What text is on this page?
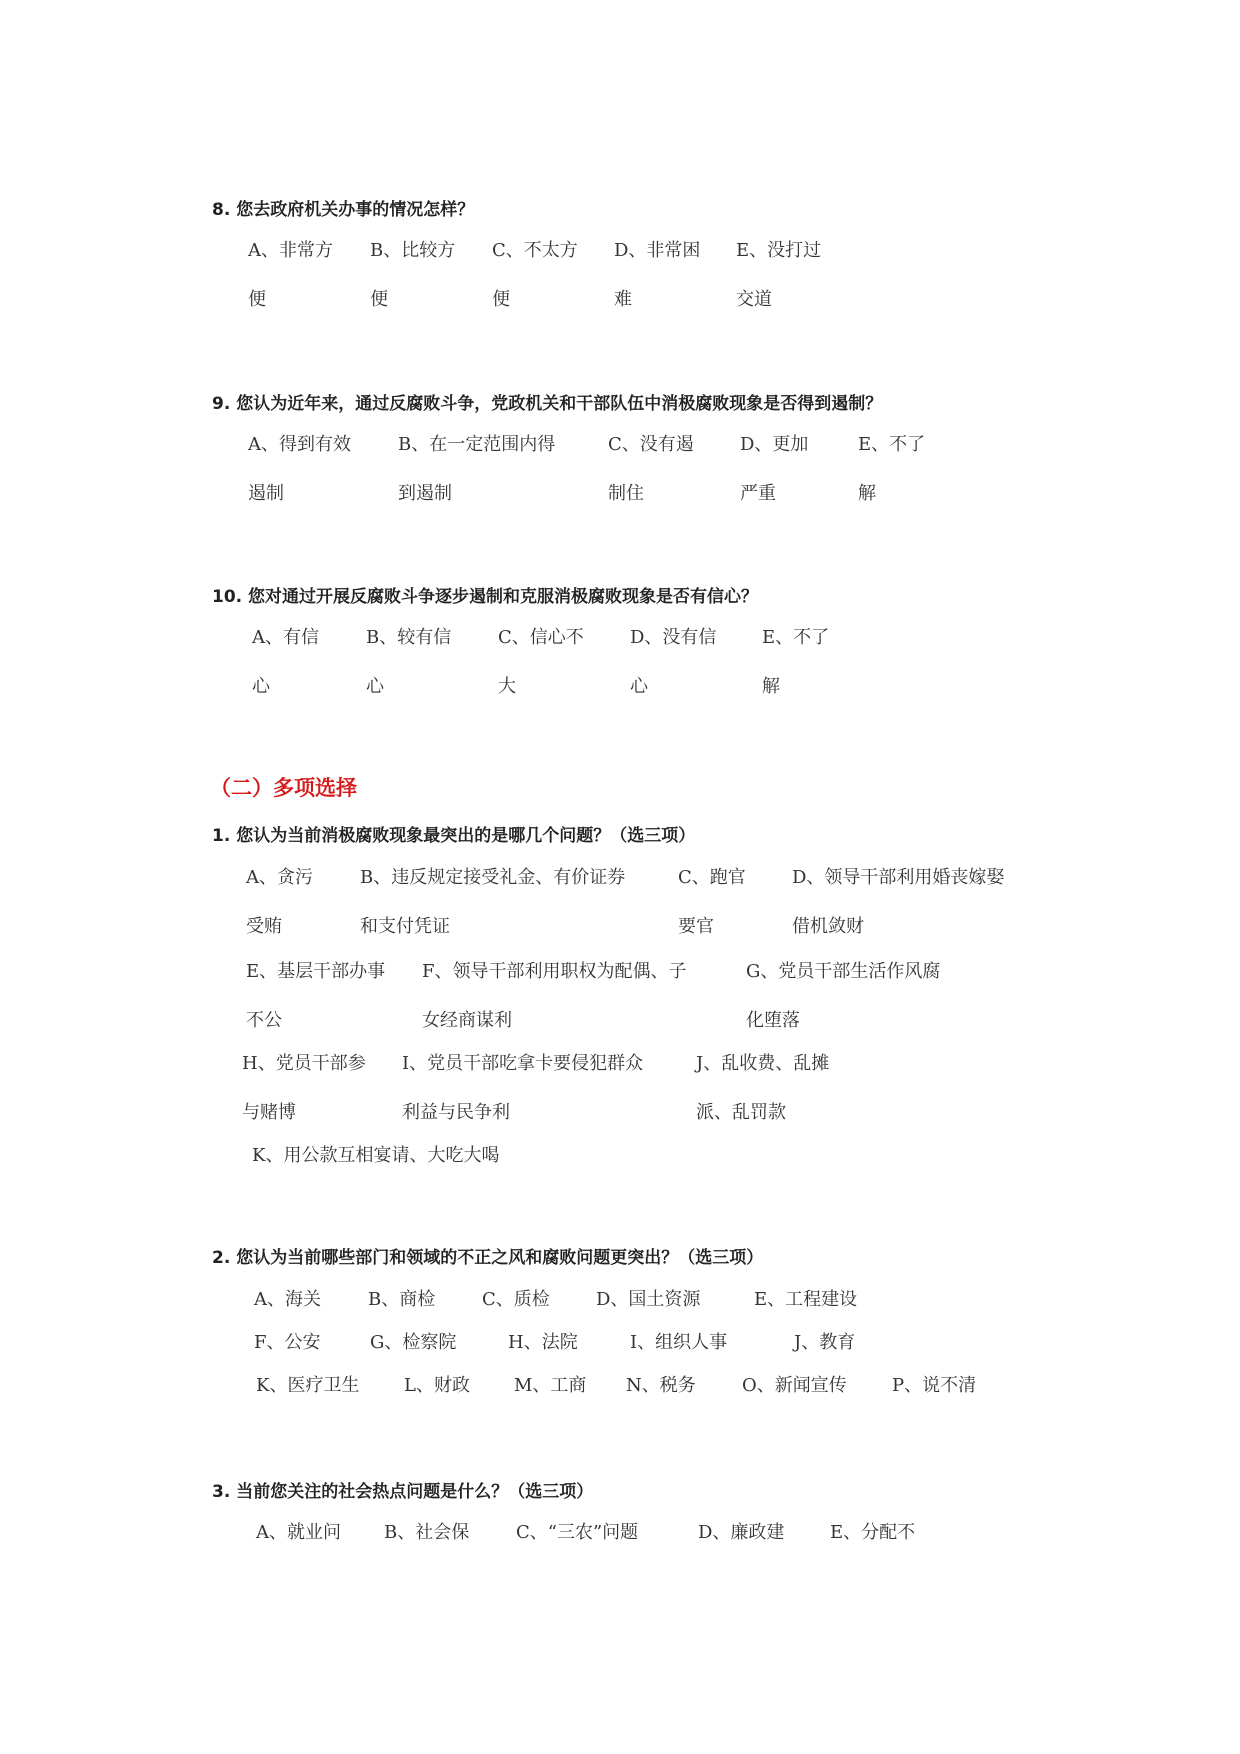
8. 您去政府机关办事的情况怎样？
A、非常方
便
B、比较方
便
C、不太方
便
D、非常困
难
E、没打过
交道
9. 您认为近年来，通过反腐败斗争，党政机关和干部队伍中消极腐败现象是否得到遏制？
A、得到有效
遏制
B、在一定范围内得
到遏制
C、没有遏
制住
D、更加
严重
E、不了
解
10. 您对通过开展反腐败斗争逐步遏制和克服消极腐败现象是否有信心？
A、有信
心
B、较有信
心
C、信心不
大
D、没有信
心
E、不了
解
（二）多项选择
1. 您认为当前消极腐败现象最突出的是哪几个问题？（选三项）
A、贪污
受贿
B、违反规定接受礼金、有价证券
和支付凭证
C、跑官
要官
D、领导干部利用婚丧嫁娶
借机敛财
E、基层干部办事
不公
F、领导干部利用职权为配偶、子
女经商谋利
G、党员干部生活作风腐
化堕落
H、党员干部参
与赌博
I、党员干部吃拿卡要侵犯群众
利益与民争利
J、乱收费、乱摊
派、乱罚款
K、用公款互相宴请、大吃大喝
2. 您认为当前哪些部门和领域的不正之风和腐败问题更突出？（选三项）
A、海关	B、商检	C、质检	D、国土资源	E、工程建设
F、公安	G、检察院	H、法院	I、组织人事	J、教育
K、医疗卫生 L、财政 M、工商 N、税务	O、新闻宣传	P、说不清
3. 当前您关注的社会热点问题是什么？（选三项）
A、就业问 B、社会保	C、“三农”问题	D、廉政建	E、分配不
